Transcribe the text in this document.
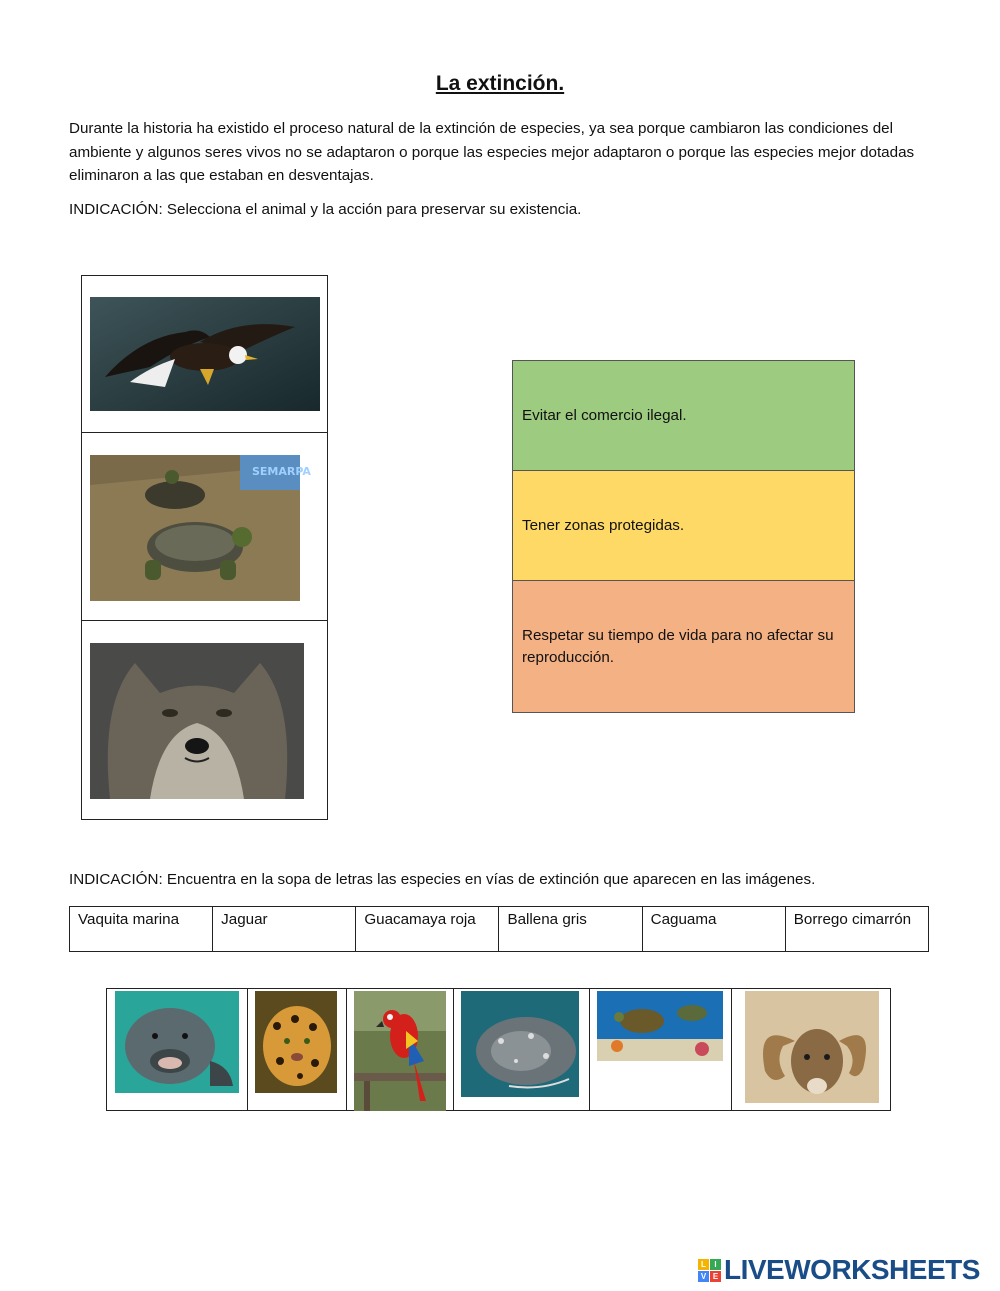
La extinción.
Durante la historia ha existido el proceso natural de la extinción de especies, ya sea porque cambiaron las condiciones del ambiente y algunos seres vivos no se adaptaron o porque las especies mejor adaptaron o porque las especies mejor dotadas eliminaron a las que estaban en desventajas.
INDICACIÓN: Selecciona el animal y la acción para preservar su existencia.
SEMARPA
Evitar el comercio ilegal.
Tener zonas protegidas.
Respetar su tiempo de vida para no afectar su reproducción.
INDICACIÓN: Encuentra en la sopa de letras las especies en vías de extinción que aparecen en las imágenes.
Vaquita marina	Jaguar	Guacamaya roja	Ballena gris	Caguama	Borrego cimarrón
L	I
V E LIVEWORKSHEETS
